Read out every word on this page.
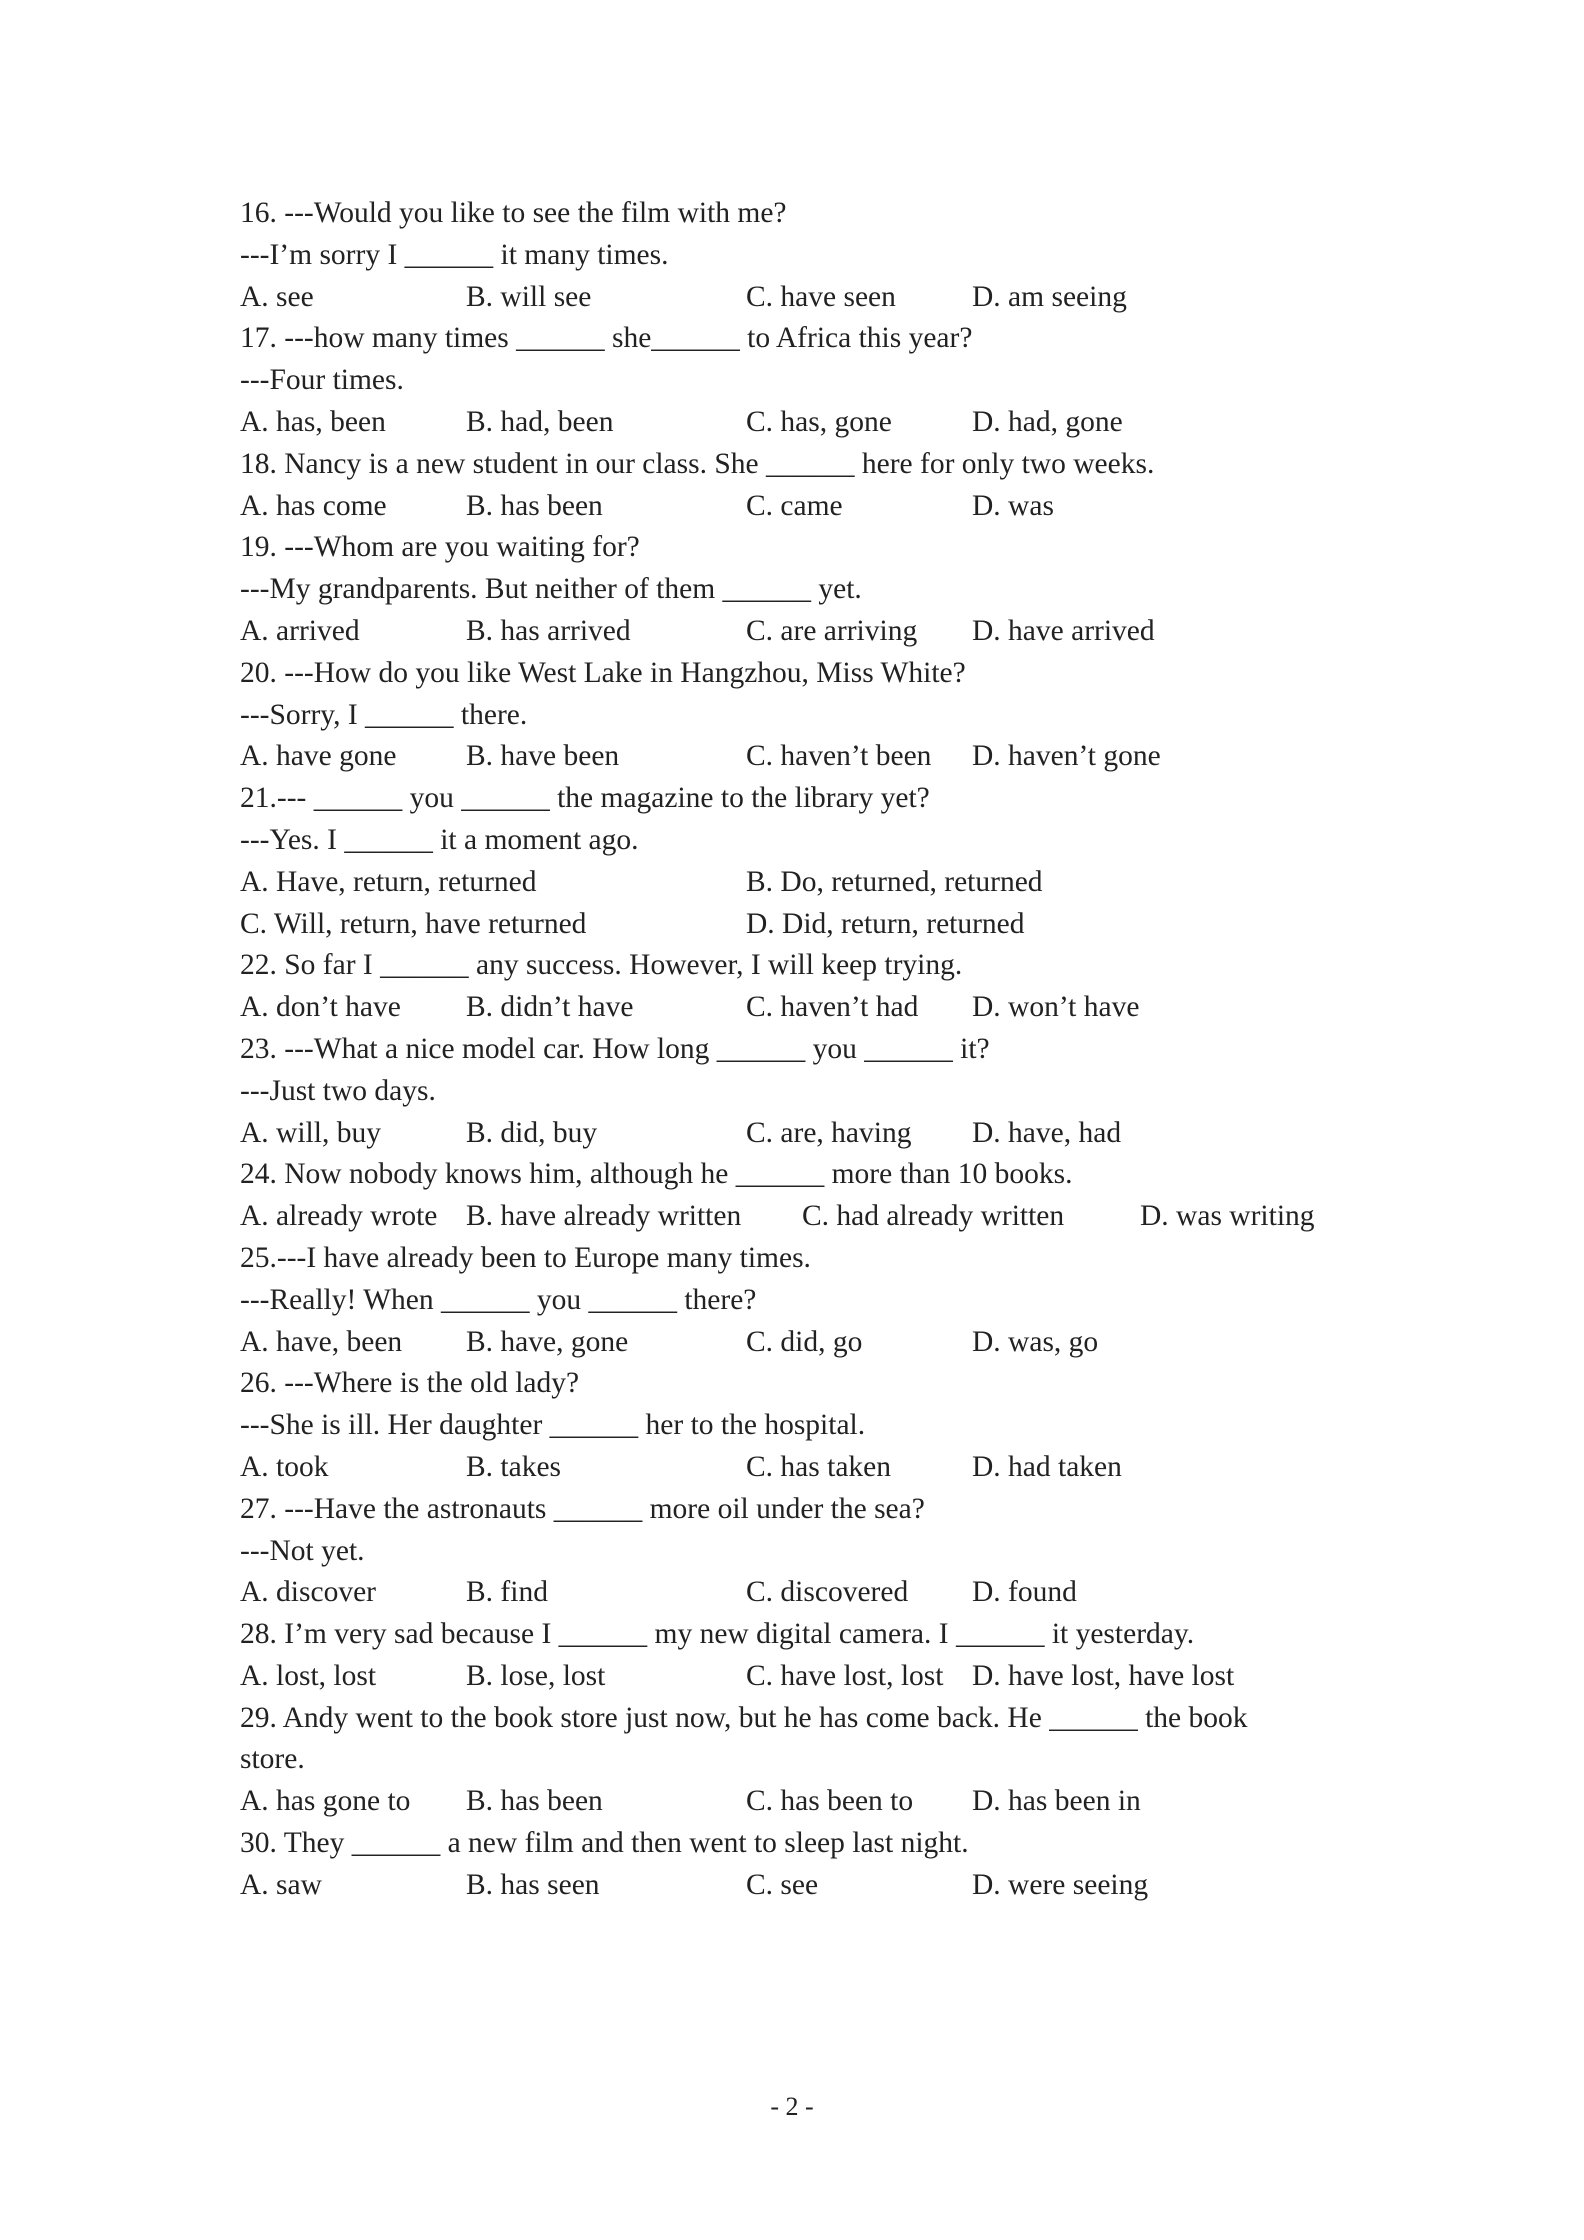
16. ---Would you like to see the film with me?
---I’m sorry I ______ it many times.
A. see	B. will see	C. have seen	D. am seeing
17. ---how many times ______ she______ to Africa this year?
---Four times.
A. has, been	B. had, been	C. has, gone	D. had, gone
18. Nancy is a new student in our class. She ______ here for only two weeks.
A. has come	B. has been	C. came	D. was
19. ---Whom are you waiting for?
---My grandparents. But neither of them ______ yet.
A. arrived	B. has arrived	C. are arriving D. have arrived
20. ---How do you like West Lake in Hangzhou, Miss White?
---Sorry, I ______ there.
A. have gone B. have been	C. haven’t been D. haven’t gone
21.--- ______ you ______ the magazine to the library yet?
---Yes. I ______ it a moment ago.
A. Have, return, returned	B. Do, returned, returned
C. Will, return, have returned	D. Did, return, returned
22. So far I ______ any success. However, I will keep trying.
A. don’t have B. didn’t have	C. haven’t had D. won’t have
23. ---What a nice model car. How long ______ you ______ it?
---Just two days.
A. will, buy	B. did, buy	C. are, having D. have, had
24. Now nobody knows him, although he ______ more than 10 books.
A. already wrote B. have already written C. had already written	D. was writing
25.---I have already been to Europe many times.
---Really! When ______ you ______ there?
A. have, been B. have, gone	C. did, go	D. was, go
26. ---Where is the old lady?
---She is ill. Her daughter ______ her to the hospital.
A. took	B. takes	C. has taken	D. had taken
27. ---Have the astronauts ______ more oil under the sea?
---Not yet.
A. discover	B. find	C. discovered D. found
28. I’m very sad because I ______ my new digital camera. I ______ it yesterday.
A. lost, lost	B. lose, lost	C. have lost, lost D. have lost, have lost
29. Andy went to the book store just now, but he has come back. He ______ the book
store.
A. has gone to B. has been	C. has been to D. has been in
30. They ______ a new film and then went to sleep last night.
A. saw	B. has seen	C. see	D. were seeing
- 2 -
